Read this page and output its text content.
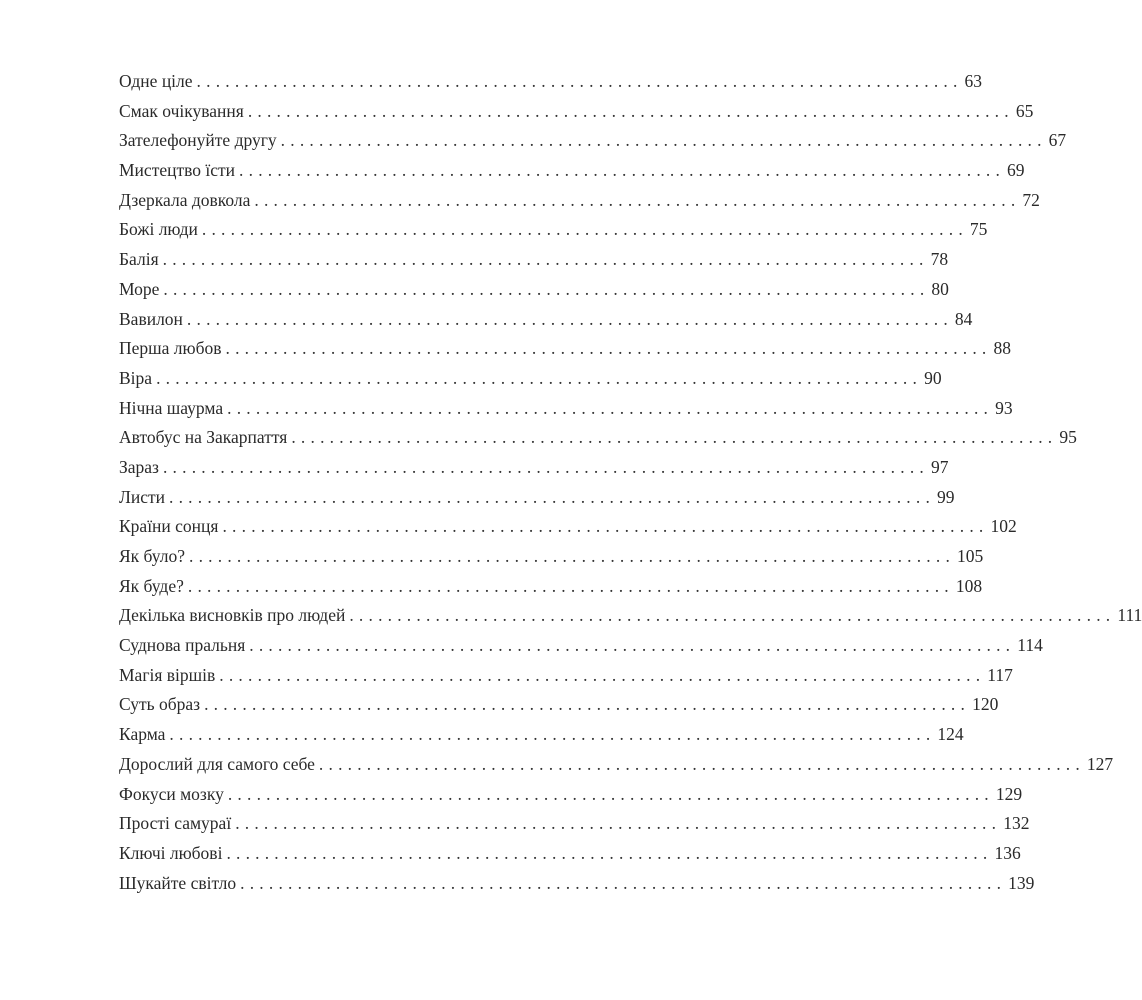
Одне ціле ................................................................................ 63
Смак очікування ................................................................................ 65
Зателефонуйте другу ................................................................................ 67
Мистецтво їсти ................................................................................ 69
Дзеркала довкола ................................................................................ 72
Божі люди ................................................................................ 75
Балія ................................................................................ 78
Море ................................................................................ 80
Вавилон ................................................................................ 84
Перша любов ................................................................................ 88
Віра ................................................................................ 90
Нічна шаурма ................................................................................ 93
Автобус на Закарпаття ................................................................................ 95
Зараз ................................................................................ 97
Листи ................................................................................ 99
Країни сонця ................................................................................ 102
Як було? ................................................................................ 105
Як буде? ................................................................................ 108
Декілька висновків про людей ................................................................................ 111
Суднова пральня ................................................................................ 114
Магія віршів ................................................................................ 117
Суть образ ................................................................................ 120
Карма ................................................................................ 124
Дорослий для самого себе ................................................................................ 127
Фокуси мозку ................................................................................ 129
Прості самураї ................................................................................ 132
Ключі любові ................................................................................ 136
Шукайте світло ................................................................................ 139
